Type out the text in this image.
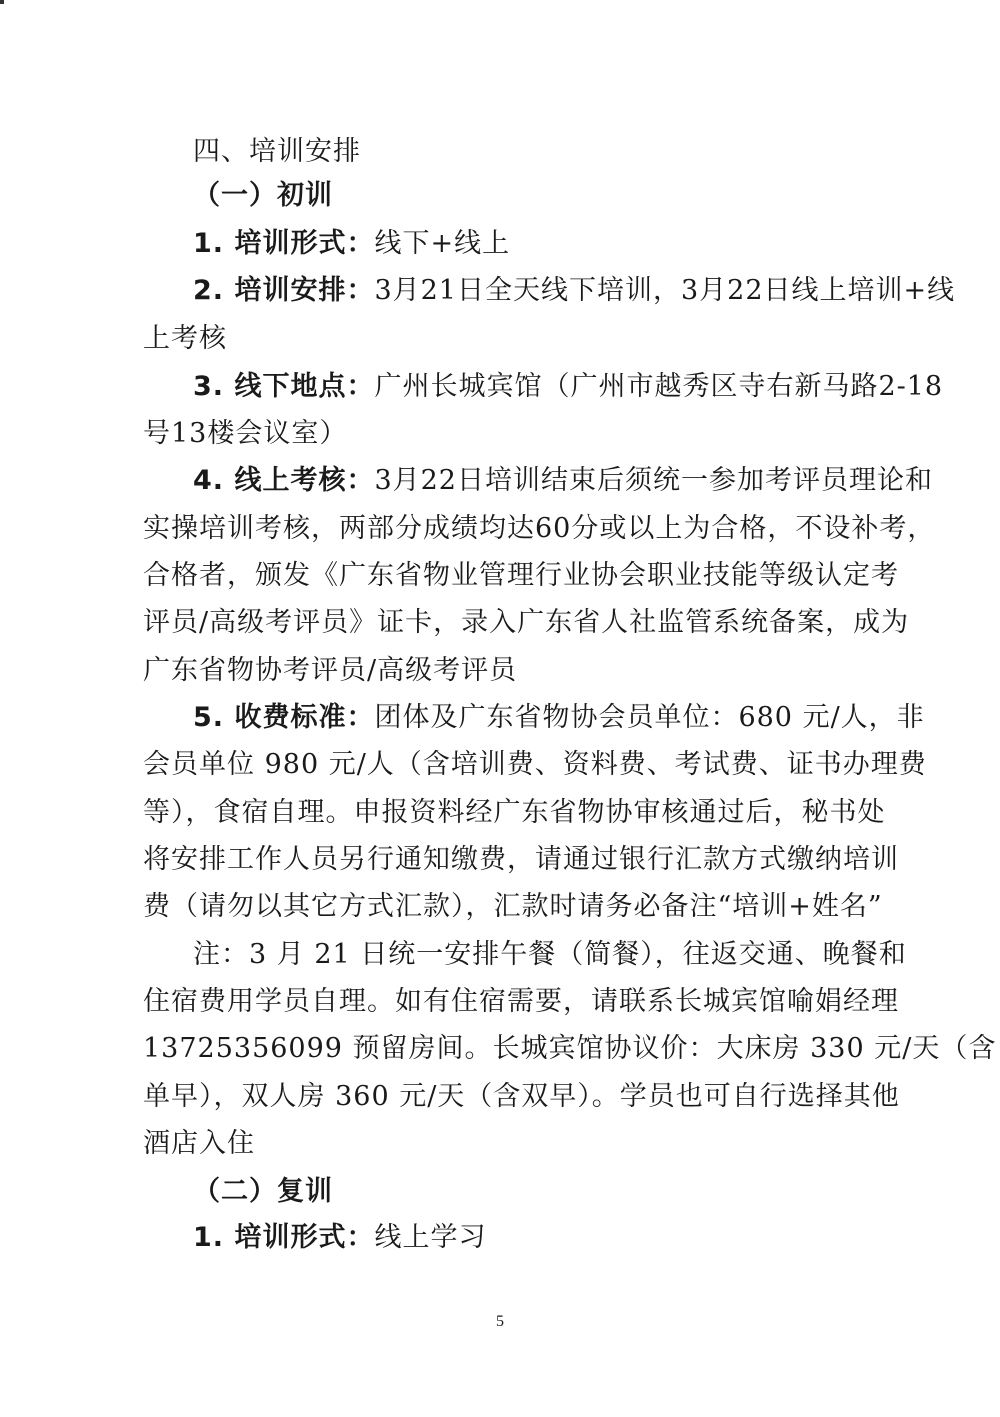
四、培训安排
（一）初训
1. 培训形式：线下+线上
2. 培训安排：3月21日全天线下培训，3月22日线上培训+线
上考核
3. 线下地点：广州长城宾馆（广州市越秀区寺右新马路2-18
号13楼会议室）
4. 线上考核：3月22日培训结束后须统一参加考评员理论和
实操培训考核，两部分成绩均达60分或以上为合格，不设补考，
合格者，颁发《广东省物业管理行业协会职业技能等级认定考
评员/高级考评员》证卡，录入广东省人社监管系统备案，成为
广东省物协考评员/高级考评员
5. 收费标准：团体及广东省物协会员单位：680 元/人，非
会员单位 980 元/人（含培训费、资料费、考试费、证书办理费
等），食宿自理。申报资料经广东省物协审核通过后，秘书处
将安排工作人员另行通知缴费，请通过银行汇款方式缴纳培训
费（请勿以其它方式汇款），汇款时请务必备注“培训+姓名”
注：3 月 21 日统一安排午餐（简餐），往返交通、晚餐和
住宿费用学员自理。如有住宿需要，请联系长城宾馆喻娟经理
13725356099 预留房间。长城宾馆协议价：大床房 330 元/天（含
单早），双人房 360 元/天（含双早）。学员也可自行选择其他
酒店入住
（二）复训
1. 培训形式：线上学习
5
